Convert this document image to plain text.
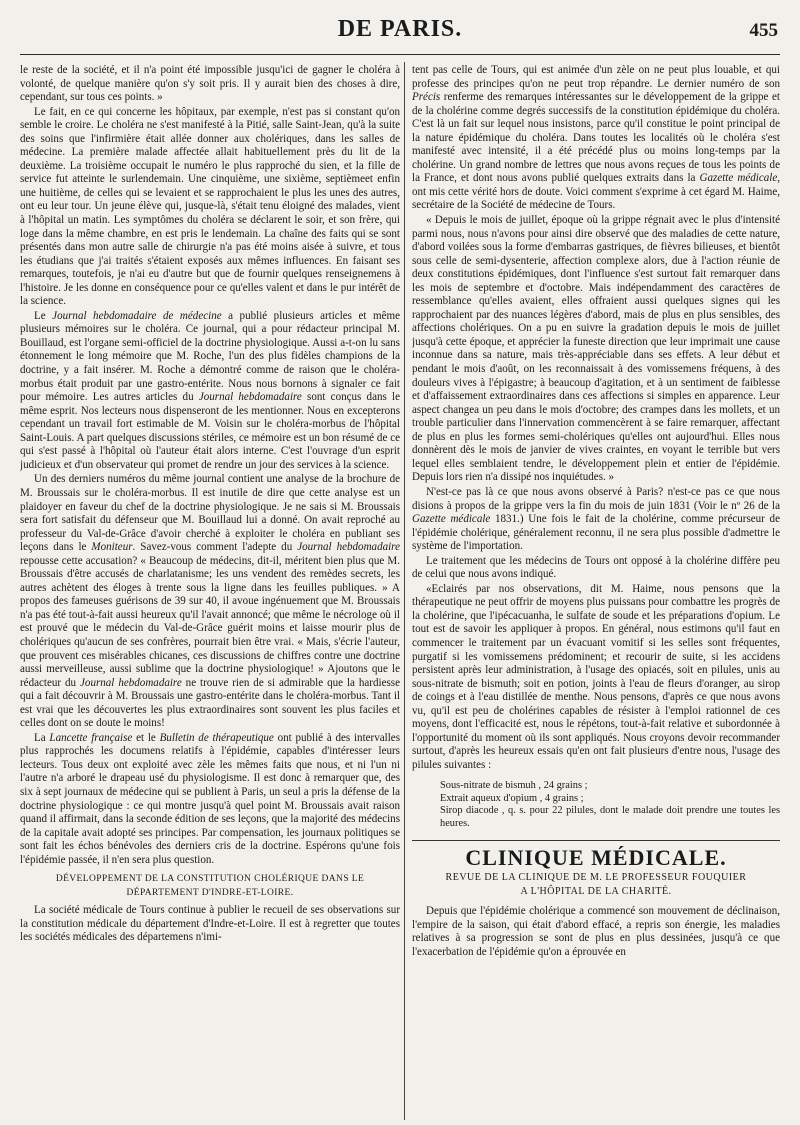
DE PARIS.	455

le reste de la société, et il n'a point été impossible jusqu'ici de gagner le choléra à volonté, de quelque manière qu'on s'y soit pris. Il y aurait bien des choses à dire, cependant, sur tous ces points. »

Le fait, en ce qui concerne les hôpitaux, par exemple, n'est pas si constant qu'on semble le croire. Le choléra ne s'est manifesté à la Pitié, salle Saint-Jean, qu'à la suite des soins que l'infirmière était allée donner aux cholériques, dans les salles de médecine. La première malade affectée allait habituellement près du lit de la deuxième. La troisième occupait le numéro le plus rapproché du sien, et la fille de service fut atteinte le surlendemain. Une cinquième, une sixième, septièmeet enfin une huitième, de celles qui se levaient et se rapprochaient le plus les unes des autres, ont eu leur tour. Un jeune élève qui, jusque-là, s'était tenu éloigné des malades, vient à l'hôpital un matin. Les symptômes du choléra se déclarent le soir, et son frère, qui loge dans la même chambre, en est pris le lendemain. La chaîne des faits qui se sont présentés dans mon autre salle de chirurgie n'a pas été moins aisée à suivre, et tous les étudians que j'ai traités s'étaient exposés aux mêmes influences. En faisant ses remarques, toutefois, je n'ai eu d'autre but que de fournir quelques renseignemens à l'histoire. Je les donne en conséquence pour ce qu'elles valent et dans le pur intérêt de la science.

Le Journal hebdomadaire de médecine a publié plusieurs articles et même plusieurs mémoires sur le choléra. Ce journal, qui a pour rédacteur principal M. Bouillaud, est l'organe semi-officiel de la doctrine physiologique. Aussi a-t-on lu sans étonnement le long mémoire que M. Roche, l'un des plus fidèles champions de la doctrine, y a fait insérer. M. Roche a démontré comme de raison que le choléra-morbus était produit par une gastro-entérite. Nous nous bornons à signaler ce fait pour mémoire. Les autres articles du Journal hebdomadaire sont conçus dans le même esprit. Nos lecteurs nous dispenseront de les mentionner. Nous en excepterons cependant un travail fort estimable de M. Voisin sur le choléra-morbus de l'hôpital Saint-Louis. A part quelques discussions stériles, ce mémoire est un bon résumé de ce qui s'est passé à l'hôpital où l'auteur était alors interne. C'est l'ouvrage d'un esprit judicieux et d'un observateur qui promet de rendre un jour des services à la science.

Un des derniers numéros du même journal contient une analyse de la brochure de M. Broussais sur le choléra-morbus. Il est inutile de dire que cette analyse est un plaidoyer en faveur du chef de la doctrine physiologique. Je ne sais si M. Broussais sera fort satisfait du défenseur que M. Bouillaud lui a donné. On avait reproché au professeur du Val-de-Grâce d'avoir cherché à exploiter le choléra en publiant ses leçons dans le Moniteur. Savez-vous comment l'adepte du Journal hebdomadaire repousse cette accusation? « Beaucoup de médecins, dit-il, méritent bien plus que M. Broussais d'être accusés de charlatanisme; les uns vendent des remèdes secrets, les autres achètent des éloges à trente sous la ligne dans les feuilles publiques. » A propos des fameuses guérisons de 39 sur 40, il avoue ingénuement que M. Broussais n'a pas été tout-à-fait aussi heureux qu'il l'avait annoncé; que même le nécrologe où il est prouvé que le médecin du Val-de-Grâce guérit moins et laisse mourir plus de cholériques qu'aucun de ses confrères, pourrait bien être vrai. « Mais, s'écrie l'auteur, que prouvent ces misérables chicanes, ces discussions de chiffres contre une doctrine aussi merveilleuse, aussi sublime que la doctrine physiologique! » Ajoutons que le rédacteur du Journal hebdomadaire ne trouve rien de si admirable que la hardiesse qui a fait découvrir à M. Broussais une gastro-entérite dans le choléra-morbus. Tant il est vrai que les découvertes les plus extraordinaires sont souvent les plus faciles et celles dont on se doute le moins!

La Lancette française et le Bulletin de thérapeutique ont publié à des intervalles plus rapprochés les documens relatifs à l'épidémie, capables d'intéresser leurs lecteurs. Tous deux ont exploité avec zèle les mêmes faits que nous, et ni l'un ni l'autre n'a arboré le drapeau usé du physiologisme. Il est donc à remarquer que, des six à sept journaux de médecine qui se publient à Paris, un seul a pris la défense de la doctrine physiologique : ce qui montre jusqu'à quel point M. Broussais avait raison quand il affirmait, dans la seconde édition de ses leçons, que la majorité des médecins de la capitale avait adopté ses principes. Par compensation, les journaux politiques se sont fait les échos bénévoles des derniers cris de la doctrine. Espérons qu'une fois l'épidémie passée, il n'en sera plus question.

DÉVELOPPEMENT DE LA CONSTITUTION CHOLÉRIQUE DANS LE
DÉPARTEMENT D'INDRE-ET-LOIRE.

La société médicale de Tours continue à publier le recueil de ses observations sur la constitution médicale du département d'Indre-et-Loire. Il est à regretter que toutes les sociétés médicales des départemens n'imi-

tent pas celle de Tours, qui est animée d'un zèle on ne peut plus louable, et qui professe des principes qu'on ne peut trop répandre. Le dernier numéro de son Précis renferme des remarques intéressantes sur le développement de la grippe et de la cholérine comme degrés successifs de la constitution épidémique du choléra. C'est là un fait sur lequel nous insistons, parce qu'il constitue le point principal de la nature épidémique du choléra. Dans toutes les localités où le choléra s'est manifesté avec intensité, il a été précédé plus ou moins long-temps par la cholérine. Un grand nombre de lettres que nous avons reçues de tous les points de la France, et dont nous avons publié quelques extraits dans la Gazette médicale, ont mis cette vérité hors de doute. Voici comment s'exprime à cet égard M. Haime, secrétaire de la Société de médecine de Tours.

« Depuis le mois de juillet, époque où la grippe régnait avec le plus d'intensité parmi nous, nous n'avons pour ainsi dire observé que des maladies de cette nature, d'abord voilées sous la forme d'embarras gastriques, de fièvres bilieuses, et bientôt sous celle de semi-dysenterie, affection complexe alors, due à l'action réunie de deux constitutions épidémiques, dont l'influence s'est surtout fait remarquer dans les mois de septembre et d'octobre. Mais indépendamment des caractères de ressemblance qu'elles avaient, elles offraient aussi quelques signes qui les rapprochaient par des nuances légères d'abord, mais de plus en plus sensibles, des affections cholériques. On a pu en suivre la gradation depuis le mois de juillet jusqu'à cette époque, et apprécier la funeste direction que leur imprimait une cause inconnue dans sa nature, mais très-appréciable dans ses effets. A leur début et pendant le mois d'août, on les reconnaissait à des vomissemens fréquens, à des douleurs vives à l'épigastre; à beaucoup d'agitation, et à un sentiment de faiblesse et d'affaissement extraordinaires dans ces affections si simples en apparence. Leur aspect changea un peu dans le mois d'octobre; des crampes dans les mollets, et un trouble particulier dans l'innervation commencèrent à se faire remarquer, affectant de plus en plus les formes semi-cholériques qu'elles ont aujourd'hui. Elles nous donnèrent dès le mois de janvier de vives craintes, en voyant le terrible but vers lequel elles semblaient tendre, le développement plein et entier de l'épidémie. Depuis lors rien n'a dissipé nos inquiétudes. »

N'est-ce pas là ce que nous avons observé à Paris? n'est-ce pas ce que nous disions à propos de la grippe vers la fin du mois de juin 1831 (Voir le nº 26 de la Gazette médicale 1831.) Une fois le fait de la cholérine, comme précurseur de l'épidémie cholérique, généralement reconnu, il ne sera plus possible d'admettre le système de l'importation.

Le traitement que les médecins de Tours ont opposé à la cholérine diffère peu de celui que nous avons indiqué.

«Eclairés par nos observations, dit M. Haime, nous pensons que la thérapeutique ne peut offrir de moyens plus puissans pour combattre les progrès de la cholérine, que l'ipécacuanha, le sulfate de soude et les préparations d'opium. Le tout est de savoir les appliquer à propos. En général, nous estimons qu'il faut en commencer le traitement par un évacuant vomitif si les selles sont fréquentes, purgatif si les vomissemens prédominent; et recourir de suite, si les accidens persistent après leur administration, à l'usage des opiacés, soit en pilules, unis au sous-nitrate de bismuth; soit en potion, joints à l'eau de fleurs d'oranger, au sirop de coings et à l'eau distillée de menthe. Nous pensons, d'après ce que nous avons vu, qu'il est peu de cholérines capables de résister à l'emploi rationnel de ces moyens, dont l'efficacité est, nous le répétons, tout-à-fait relative et subordonnée à l'opportunité du moment où ils sont appliqués. Nous croyons devoir recommander surtout, d'après les heureux essais qu'en ont fait plusieurs d'entre nous, l'usage des pilules suivantes :

Sous-nitrate de bismuh , 24 grains ;
Extrait aqueux d'opium , 4 grains ;
Sirop diacode , q. s. pour 22 pilules, dont le malade doit prendre une toutes les heures.
CLINIQUE MÉDICALE.
REVUE DE LA CLINIQUE DE M. LE PROFESSEUR FOUQUIER
A L'HÔPITAL DE LA CHARITÉ.

Depuis que l'épidémie cholérique a commencé son mouvement de déclinaison, l'empire de la saison, qui était d'abord effacé, a repris son énergie, les maladies relatives à sa progression se sont de plus en plus dessinées, jusqu'à ce que l'exacerbation de l'épidémie qu'on a éprouvée en
